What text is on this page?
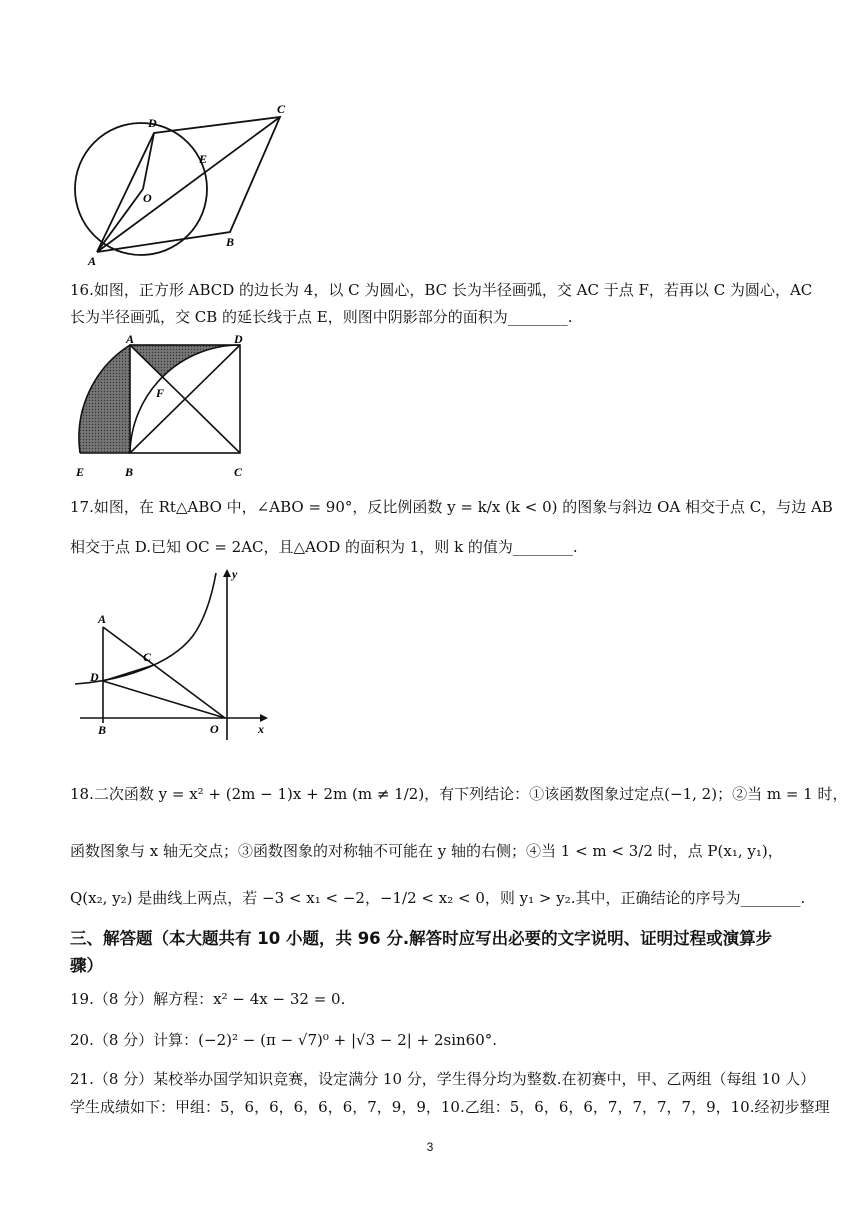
A
B
C
D
E
O
16.如图，正方形 ABCD 的边长为 4，以 C 为圆心，BC 长为半径画弧，交 AC 于点 F，若再以 C 为圆心，AC
长为半径画弧，交 CB 的延长线于点 E，则图中阴影部分的面积为________.
A	D
F
E	B	C
17.如图，在 Rt△ABO 中，∠ABO = 90°，反比例函数 y = k/x (k < 0) 的图象与斜边 OA 相交于点 C，与边 AB
相交于点 D.已知 OC = 2AC，且△AOD 的面积为 1，则 k 的值为________.
A
C
D
B	O	x
y
18.二次函数 y = x² + (2m − 1)x + 2m (m ≠ 1/2)，有下列结论：①该函数图象过定点(−1, 2)；②当 m = 1 时，
函数图象与 x 轴无交点；③函数图象的对称轴不可能在 y 轴的右侧；④当 1 < m < 3/2 时，点 P(x₁, y₁)，
Q(x₂, y₂) 是曲线上两点，若 −3 < x₁ < −2，−1/2 < x₂ < 0，则 y₁ > y₂.其中，正确结论的序号为________.
三、解答题（本大题共有 10 小题，共 96 分.解答时应写出必要的文字说明、证明过程或演算步
骤）
19.（8 分）解方程：x² − 4x − 32 = 0.
20.（8 分）计算：(−2)² − (π − √7)⁰ + |√3 − 2| + 2sin60°.
21.（8 分）某校举办国学知识竞赛，设定满分 10 分，学生得分均为整数.在初赛中，甲、乙两组（每组 10 人）
学生成绩如下：甲组：5，6，6，6，6，6，7，9，9，10.乙组：5，6，6，6，7，7，7，7，9，10.经初步整理
3
